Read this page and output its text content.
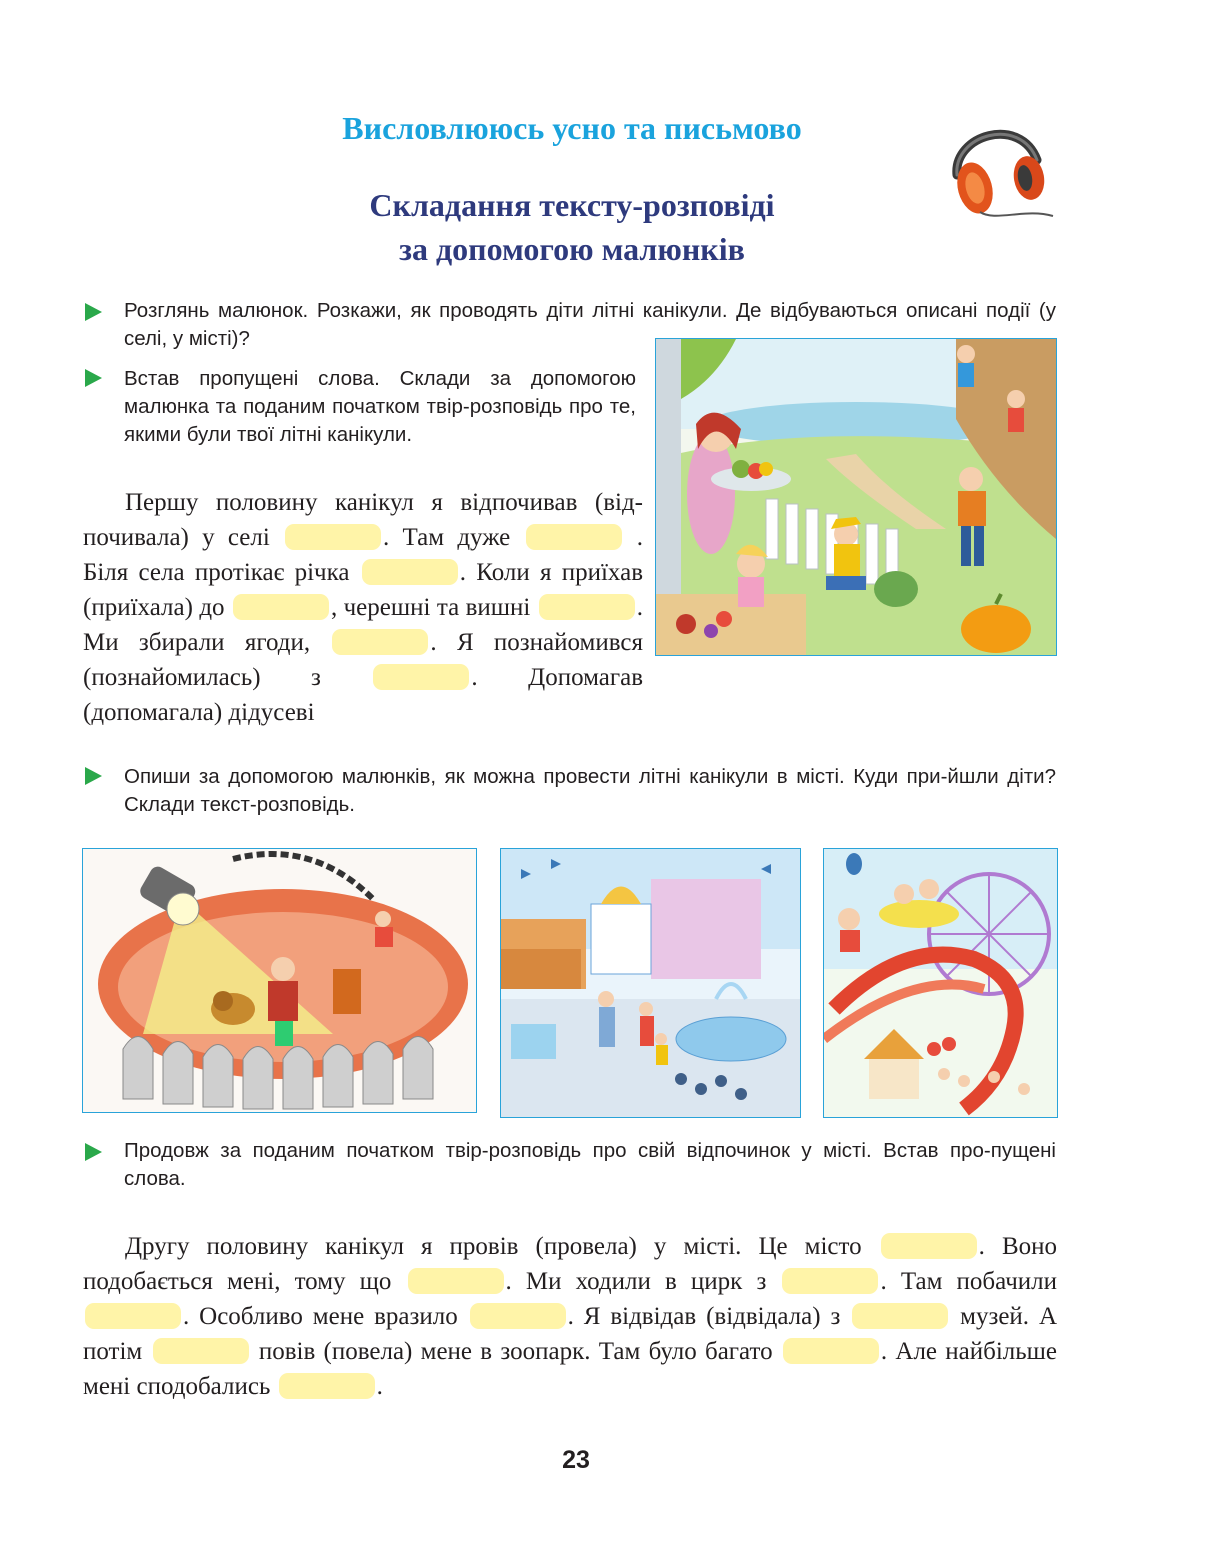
Висловлююсь усно та письмово
Складання тексту-розповіді
за допомогою малюнків
Розглянь малюнок. Розкажи, як проводять діти літні канікули. Де відбуваються описані події (у селі, у місті)?
Встав пропущені слова. Склади за допомогою малюнка та поданим початком твір-розповідь про те, якими були твої літні канікули.

Першу половину канікул я відпочивав (від-почивала) у селі	. Там дуже	. Біля села протікає річка	. Коли я приїхав (приїхала) до	, черешні та вишні	. Ми збирали ягоди,	. Я познайомився (познайомилась) з	. Допомагав (допомагала) дідусеві

Опиши за допомогою малюнків, як можна провести літні канікули в місті. Куди при-йшли діти? Склади текст-розповідь.
Продовж за поданим початком твір-розповідь про свій відпочинок у місті. Встав про-пущені слова.

Другу половину канікул я провів (провела) у місті. Це місто	. Воно подобається мені, тому що	. Ми ходили в цирк з	. Там побачили . Особливо мене вразило	. Я відвідав (відвідала) з	музей. А потім	повів (повела) мене в зоопарк. Там було багато	. Але найбільше мені сподобались	.

23
